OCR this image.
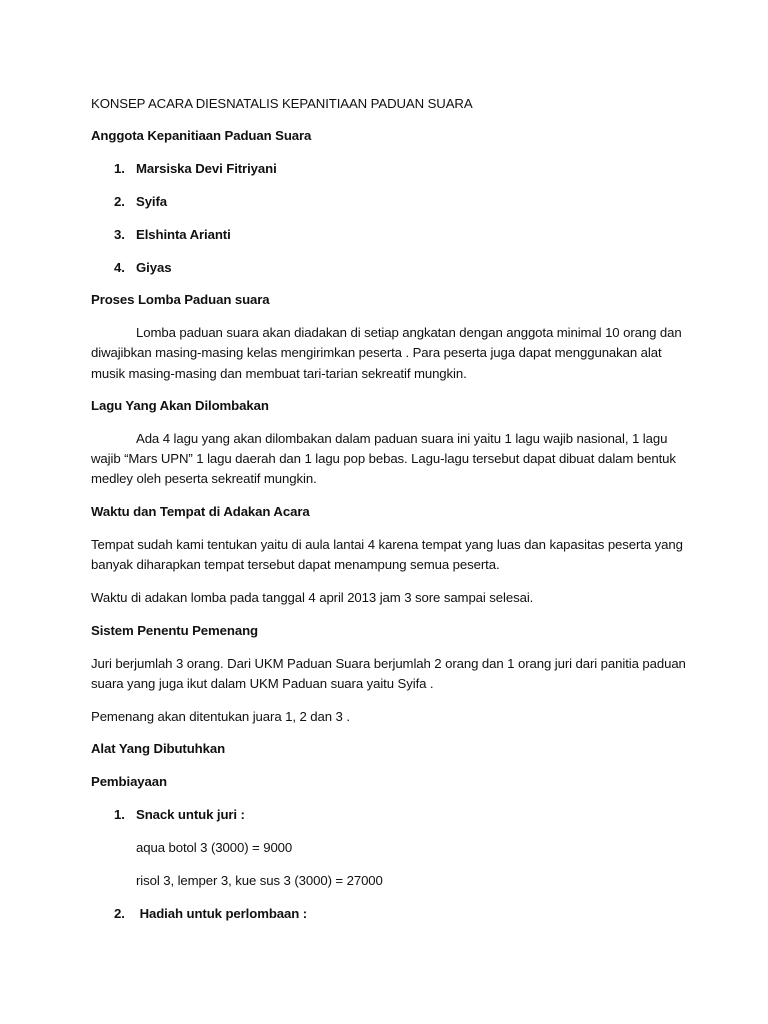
KONSEP ACARA DIESNATALIS KEPANITIAAN PADUAN SUARA
Anggota Kepanitiaan Paduan Suara
1. Marsiska Devi Fitriyani
2. Syifa
3. Elshinta Arianti
4. Giyas
Proses Lomba Paduan suara
Lomba paduan suara akan diadakan di setiap angkatan dengan anggota minimal 10 orang dan
diwajibkan masing-masing kelas mengirimkan peserta . Para peserta juga dapat menggunakan alat
musik masing-masing dan membuat tari-tarian sekreatif mungkin.
Lagu Yang Akan Dilombakan
Ada 4 lagu yang akan dilombakan dalam paduan suara ini yaitu 1 lagu wajib nasional, 1 lagu
wajib “Mars UPN” 1 lagu daerah dan 1 lagu pop bebas. Lagu-lagu tersebut dapat dibuat dalam bentuk
medley oleh peserta sekreatif mungkin.
Waktu dan Tempat di Adakan Acara
Tempat sudah kami tentukan yaitu di aula lantai 4 karena tempat yang luas dan kapasitas peserta yang
banyak diharapkan tempat tersebut dapat menampung semua peserta.
Waktu di adakan lomba pada tanggal 4 april 2013 jam 3 sore sampai selesai.
Sistem Penentu Pemenang
Juri berjumlah 3 orang. Dari UKM Paduan Suara berjumlah 2 orang dan 1 orang juri dari panitia paduan
suara yang juga ikut dalam UKM Paduan suara yaitu Syifa .
Pemenang akan ditentukan juara 1, 2 dan 3 .
Alat Yang Dibutuhkan
Pembiayaan
1. Snack untuk juri :
aqua botol 3 (3000) = 9000
risol 3, lemper 3, kue sus 3 (3000) = 27000
2. Hadiah untuk perlombaan :
